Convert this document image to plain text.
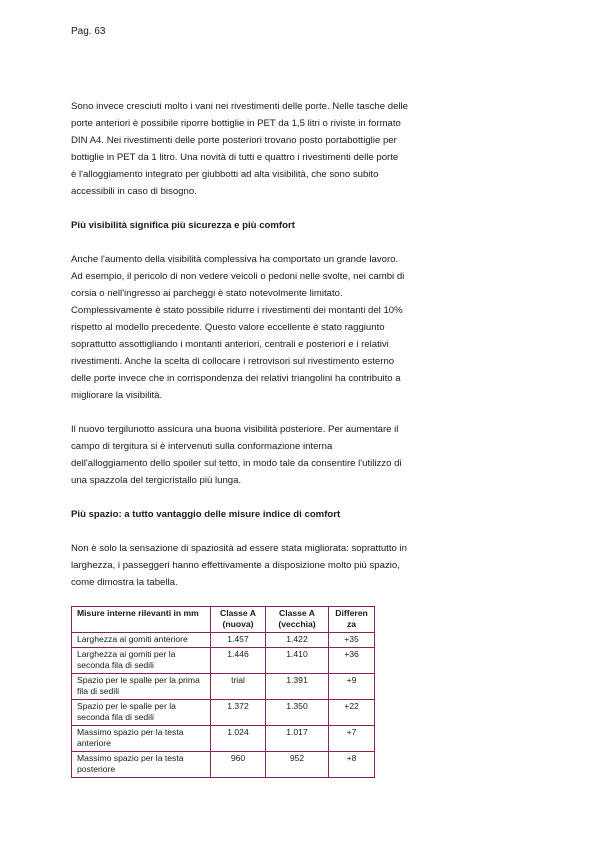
Pag. 63

Sono invece cresciuti molto i vani nei rivestimenti delle porte. Nelle tasche delle
porte anteriori è possibile riporre bottiglie in PET da 1,5 litri o riviste in formato
DIN A4. Nei rivestimenti delle porte posteriori trovano posto portabottiglie per
bottiglie in PET da 1 litro. Una novità di tutti e quattro i rivestimenti delle porte
è l'alloggiamento integrato per giubbotti ad alta visibilità, che sono subito
accessibili in caso di bisogno.

Più visibilità significa più sicurezza e più comfort

Anche l'aumento della visibilità complessiva ha comportato un grande lavoro.
Ad esempio, il pericolo di non vedere veicoli o pedoni nelle svolte, nei cambi di
corsia o nell'ingresso ai parcheggi è stato notevolmente limitato.
Complessivamente è stato possibile ridurre i rivestimenti dei montanti del 10%
rispetto al modello precedente. Questo valore eccellente è stato raggiunto
soprattutto assottigliando i montanti anteriori, centrali e posteriori e i relativi
rivestimenti. Anche la scelta di collocare i retrovisori sul rivestimento esterno
delle porte invece che in corrispondenza dei relativi triangolini ha contribuito a
migliorare la visibilità.

Il nuovo tergilunotto assicura una buona visibilità posteriore. Per aumentare il
campo di tergitura si è intervenuti sulla conformazione interna
dell'alloggiamento dello spoiler sul tetto, in modo tale da consentire l'utilizzo di
una spazzola del tergicristallo più lunga.

Più spazio: a tutto vantaggio delle misure indice di comfort

Non è solo la sensazione di spaziosità ad essere stata migliorata: soprattutto in
larghezza, i passeggeri hanno effettivamente a disposizione molto più spazio,
come dimostra la tabella.

Misure interne rilevanti in mm	Classe A (nuova)	Classe A (vecchia)	Differen za
Larghezza ai gomiti anteriore	1.457	1.422	+35
Larghezza ai gomiti per la seconda fila di sedili	1.446	1.410	+36
Spazio per le spalle per la prima fila di sedili	trial	1.391	+9
Spazio per le spalle per la seconda fila di sedili	1.372	1.350	+22
Massimo spazio per la testa anteriore	1.024	1.017	+7
Massimo spazio per la testa posteriore	960	952	+8
